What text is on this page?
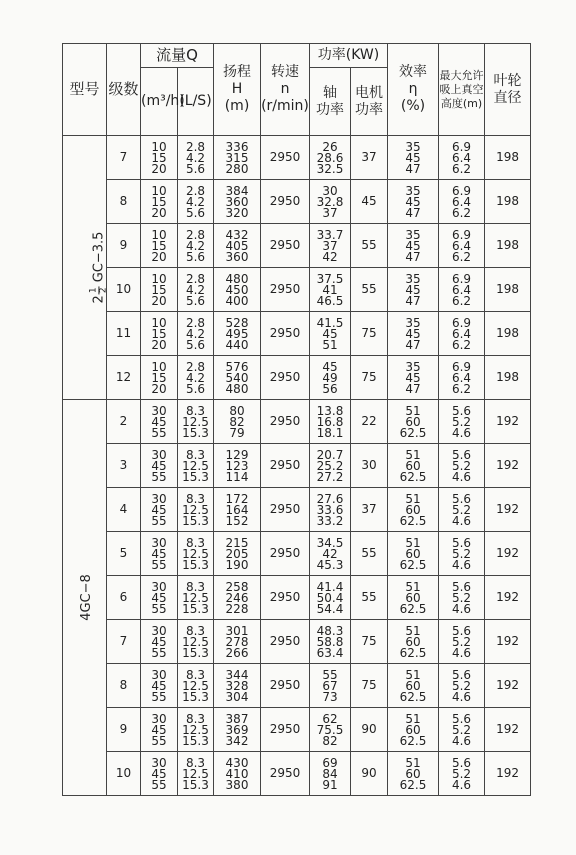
型号	级数	流量Q		扬程
H
(m)	转速
n
(r/min)	功率(KW)		效率
η
(%)	最大允许
吸上真空
高度(m)	叶轮
直径

		(m³/h)	(L/S)			轴
功率	电机
功率			

2
1 2
GC−3.5	7	10
15
20	2.8
4.2
5.6	336
315
280	2950	26
28.6
32.5	37	35
45
47	6.9
6.4
6.2	198
	8	10
15
20	2.8
4.2
5.6	384
360
320	2950	30
32.8
37	45	35
45
47	6.9
6.4
6.2	198
	9	10
15
20	2.8
4.2
5.6	432
405
360	2950	33.7
37
42	55	35
45
47	6.9
6.4
6.2	198
	10	10
15
20	2.8
4.2
5.6	480
450
400	2950	37.5
41
46.5	55	35
45
47	6.9
6.4
6.2	198
	11	10
15
20	2.8
4.2
5.6	528
495
440	2950	41.5
45
51	75	35
45
47	6.9
6.4
6.2	198
	12	10
15
20	2.8
4.2
5.6	576
540
480	2950	45
49
56	75	35
45
47	6.9
6.4
6.2	198
4GC−8	2	30
45
55	8.3
12.5
15.3	80
82
79	2950	13.8
16.8
18.1	22	51
60
62.5	5.6
5.2
4.6	192
	3	30
45
55	8.3
12.5
15.3	129
123
114	2950	20.7
25.2
27.2	30	51
60
62.5	5.6
5.2
4.6	192
	4	30
45
55	8.3
12.5
15.3	172
164
152	2950	27.6
33.6
33.2	37	51
60
62.5	5.6
5.2
4.6	192
	5	30
45
55	8.3
12.5
15.3	215
205
190	2950	34.5
42
45.3	55	51
60
62.5	5.6
5.2
4.6	192
	6	30
45
55	8.3
12.5
15.3	258
246
228	2950	41.4
50.4
54.4	55	51
60
62.5	5.6
5.2
4.6	192
	7	30
45
55	8.3
12.5
15.3	301
278
266	2950	48.3
58.8
63.4	75	51
60
62.5	5.6
5.2
4.6	192
	8	30
45
55	8.3
12.5
15.3	344
328
304	2950	55
67
73	75	51
60
62.5	5.6
5.2
4.6	192
	9	30
45
55	8.3
12.5
15.3	387
369
342	2950	62
75.5
82	90	51
60
62.5	5.6
5.2
4.6	192
	10	30
45
55	8.3
12.5
15.3	430
410
380	2950	69
84
91	90	51
60
62.5	5.6
5.2
4.6	192
